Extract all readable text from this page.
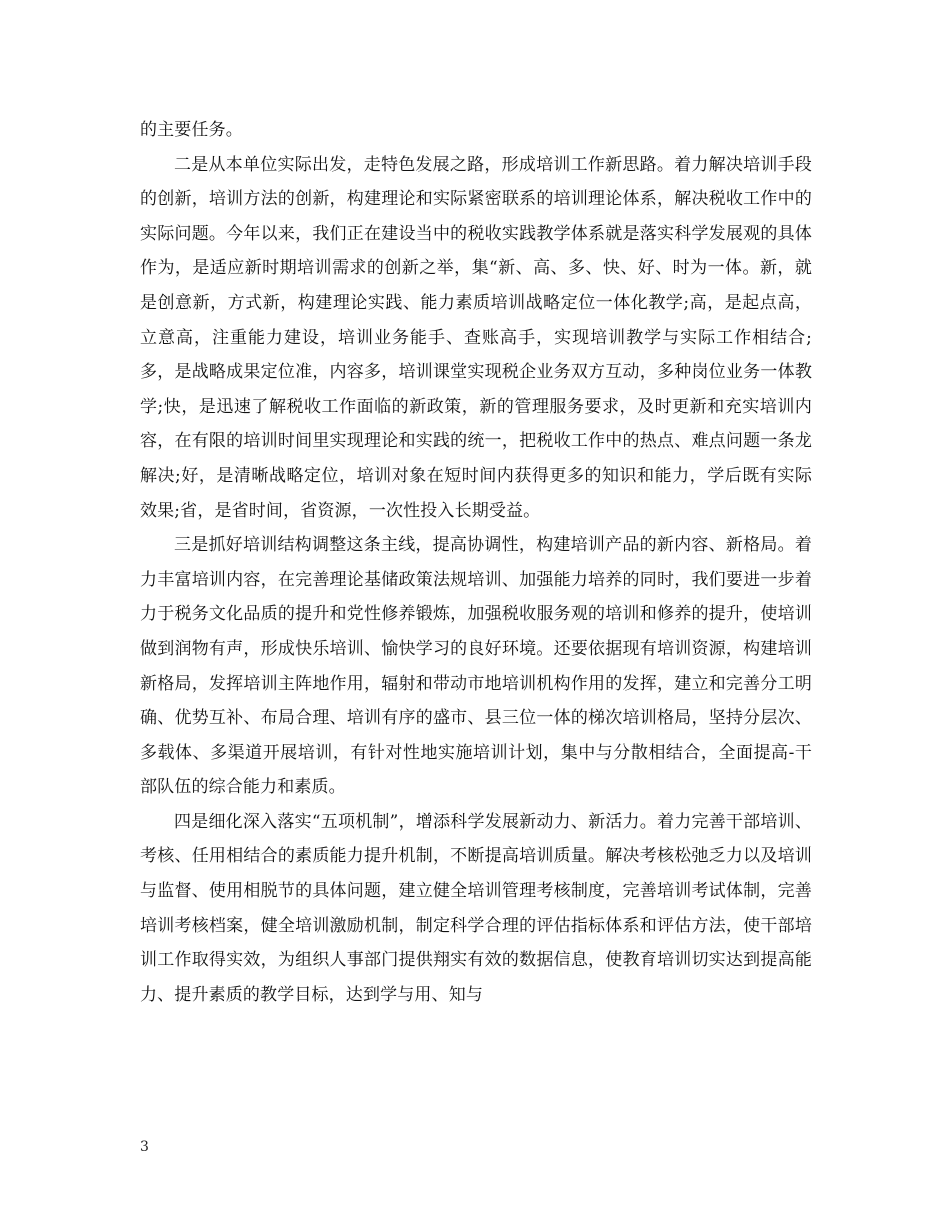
的主要任务。

二是从本单位实际出发，走特色发展之路，形成培训工作新思路。着力解决培训手段的创新，培训方法的创新，构建理论和实际紧密联系的培训理论体系，解决税收工作中的实际问题。今年以来，我们正在建设当中的税收实践教学体系就是落实科学发展观的具体作为，是适应新时期培训需求的创新之举，集“新、高、多、快、好、时为一体。新，就是创意新，方式新，构建理论实践、能力素质培训战略定位一体化教学;高，是起点高，立意高，注重能力建设，培训业务能手、查账高手，实现培训教学与实际工作相结合;多，是战略成果定位准，内容多，培训课堂实现税企业务双方互动，多种岗位业务一体教学;快，是迅速了解税收工作面临的新政策，新的管理服务要求，及时更新和充实培训内容，在有限的培训时间里实现理论和实践的统一，把税收工作中的热点、难点问题一条龙解决;好，是清晰战略定位，培训对象在短时间内获得更多的知识和能力，学后既有实际效果;省，是省时间，省资源，一次性投入长期受益。

三是抓好培训结构调整这条主线，提高协调性，构建培训产品的新内容、新格局。着力丰富培训内容，在完善理论基储政策法规培训、加强能力培养的同时，我们要进一步着力于税务文化品质的提升和党性修养锻炼，加强税收服务观的培训和修养的提升，使培训做到润物有声，形成快乐培训、愉快学习的良好环境。还要依据现有培训资源，构建培训新格局，发挥培训主阵地作用，辐射和带动市地培训机构作用的发挥，建立和完善分工明确、优势互补、布局合理、培训有序的盛市、县三位一体的梯次培训格局，坚持分层次、多载体、多渠道开展培训，有针对性地实施培训计划，集中与分散相结合，全面提高-干部队伍的综合能力和素质。

四是细化深入落实“五项机制”，增添科学发展新动力、新活力。着力完善干部培训、考核、任用相结合的素质能力提升机制，不断提高培训质量。解决考核松弛乏力以及培训与监督、使用相脱节的具体问题，建立健全培训管理考核制度，完善培训考试体制，完善培训考核档案，健全培训激励机制，制定科学合理的评估指标体系和评估方法，使干部培训工作取得实效，为组织人事部门提供翔实有效的数据信息，使教育培训切实达到提高能力、提升素质的教学目标，达到学与用、知与

3
